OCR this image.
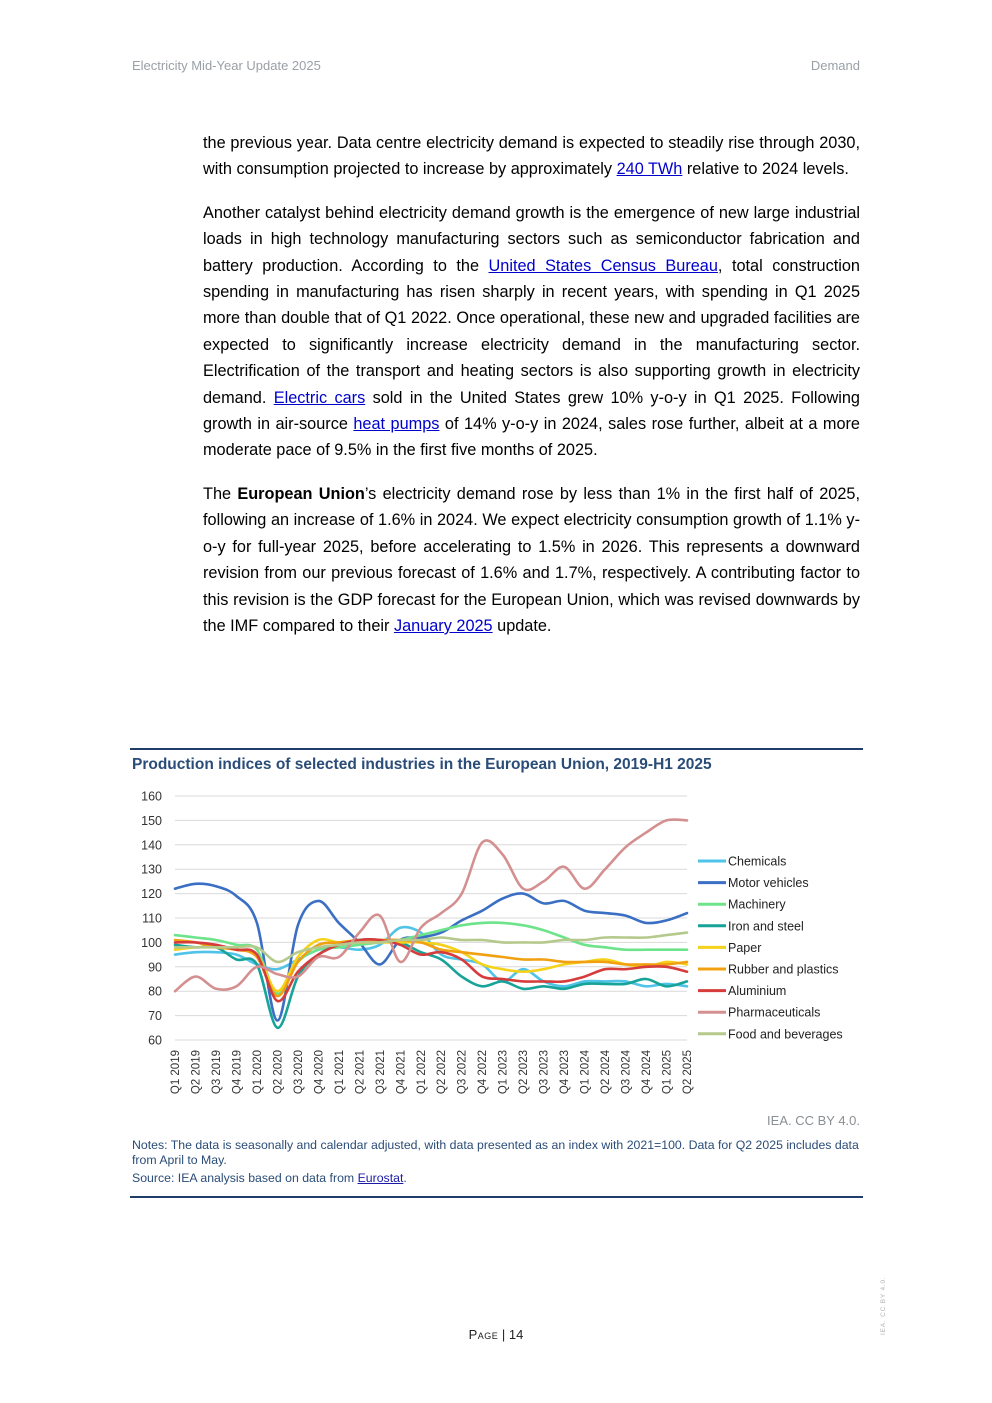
Electricity Mid-Year Update 2025	Demand

the previous year. Data centre electricity demand is expected to steadily rise through 2030, with consumption projected to increase by approximately 240 TWh relative to 2024 levels.

Another catalyst behind electricity demand growth is the emergence of new large industrial loads in high technology manufacturing sectors such as semiconductor fabrication and battery production. According to the United States Census Bureau, total construction spending in manufacturing has risen sharply in recent years, with spending in Q1 2025 more than double that of Q1 2022. Once operational, these new and upgraded facilities are expected to significantly increase electricity demand in the manufacturing sector. Electrification of the transport and heating sectors is also supporting growth in electricity demand. Electric cars sold in the United States grew 10% y-o-y in Q1 2025. Following growth in air-source heat pumps of 14% y-o-y in 2024, sales rose further, albeit at a more moderate pace of 9.5% in the first five months of 2025.

The European Union’s electricity demand rose by less than 1% in the first half of 2025, following an increase of 1.6% in 2024. We expect electricity consumption growth of 1.1% y-o-y for full-year 2025, before accelerating to 1.5% in 2026. This represents a downward revision from our previous forecast of 1.6% and 1.7%, respectively. A contributing factor to this revision is the GDP forecast for the European Union, which was revised downwards by the IMF compared to their January 2025 update.

Production indices of selected industries in the European Union, 2019-H1 2025
60
70
80
90
100
110
120
130
140
150
160
Q1 2019 Q2 2019 Q3 2019 Q4 2019 Q1 2020 Q2 2020 Q3 2020 Q4 2020 Q1 2021 Q2 2021 Q3 2021 Q4 2021 Q1 2022 Q2 2022 Q3 2022 Q4 2022 Q1 2023 Q2 2023 Q3 2023 Q4 2023 Q1 2024 Q2 2024 Q3 2024 Q4 2024 Q1 2025 Q2 2025
Chemicals
Motor vehicles
Machinery
Iron and steel
Paper
Rubber and plastics
Aluminium
Pharmaceuticals
Food and beverages
IEA. CC BY 4.0.

Notes: The data is seasonally and calendar adjusted, with data presented as an index with 2021=100. Data for Q2 2025 includes data from April to May.

Source: IEA analysis based on data from Eurostat.

Page | 14	IEA. CC BY 4.0.
